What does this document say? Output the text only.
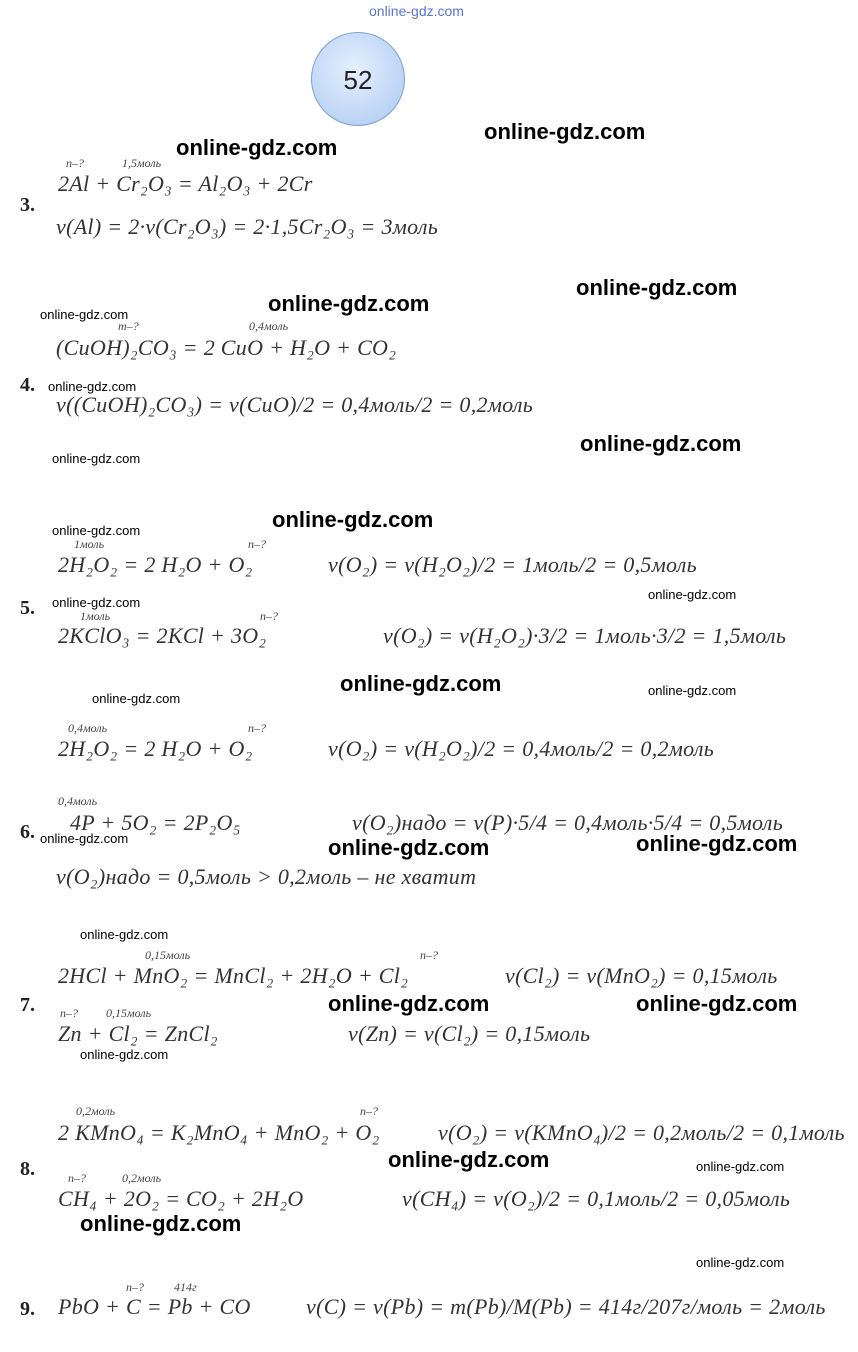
online-gdz.com
52
3.
n–?	1,5моль
2Al + Cr₂O₃ = Al₂O₃ + 2Cr
ν(Al) = 2·ν(Cr₂O₃) = 2·1,5Cr₂O₃ = 3моль
4.
m–?	0,4моль
(CuOH)₂CO₃ = 2 CuO + H₂O + CO₂
ν((CuOH)₂CO₃) = ν(CuO)/2 = 0,4моль/2 = 0,2моль
5.
1моль	n–?
2H₂O₂ = 2 H₂O + O₂	ν(O₂) = ν(H₂O₂)/2 = 1моль/2 = 0,5моль
1моль	n–?
2KClO₃ = 2KCl + 3O₂	ν(O₂) = ν(H₂O₂)·3/2 = 1моль·3/2 = 1,5моль
6.
0,4моль	n–?
2H₂O₂ = 2 H₂O + O₂	ν(O₂) = ν(H₂O₂)/2 = 0,4моль/2 = 0,2моль
0,4моль
4P + 5O₂ = 2P₂O₅	ν(O₂)надо = ν(P)·5/4 = 0,4моль·5/4 = 0,5моль
ν(O₂)надо = 0,5моль > 0,2моль – не хватит
7.
0,15моль	n–?
2HCl + MnO₂ = MnCl₂ + 2H₂O + Cl₂	ν(Cl₂) = ν(MnO₂) = 0,15моль
n–? 0,15моль
Zn + Cl₂ = ZnCl₂	ν(Zn) = ν(Cl₂) = 0,15моль
8.
0,2моль	n–?
2 KMnO₄ = K₂MnO₄ + MnO₂ + O₂	ν(O₂) = ν(KMnO₄)/2 = 0,2моль/2 = 0,1моль
n–?	0,2моль
CH₄ + 2O₂ = CO₂ + 2H₂O	ν(CH₄) = ν(O₂)/2 = 0,1моль/2 = 0,05моль
9.
n–?	414г
PbO + C = Pb + CO	ν(C) = ν(Pb) = m(Pb)/M(Pb) = 414г/207г/моль = 2моль
online-gdz.com
online-gdz.com
online-gdz.com
online-gdz.com
online-gdz.com
online-gdz.com
online-gdz.com
online-gdz.com
online-gdz.com
online-gdz.com
online-gdz.com
online-gdz.com
online-gdz.com	online-gdz.com
online-gdz.com
online-gdz.com	online-gdz.com	online-gdz.com
online-gdz.com
online-gdz.com	online-gdz.com
online-gdz.com
online-gdz.com	online-gdz.com
online-gdz.com
online-gdz.com
